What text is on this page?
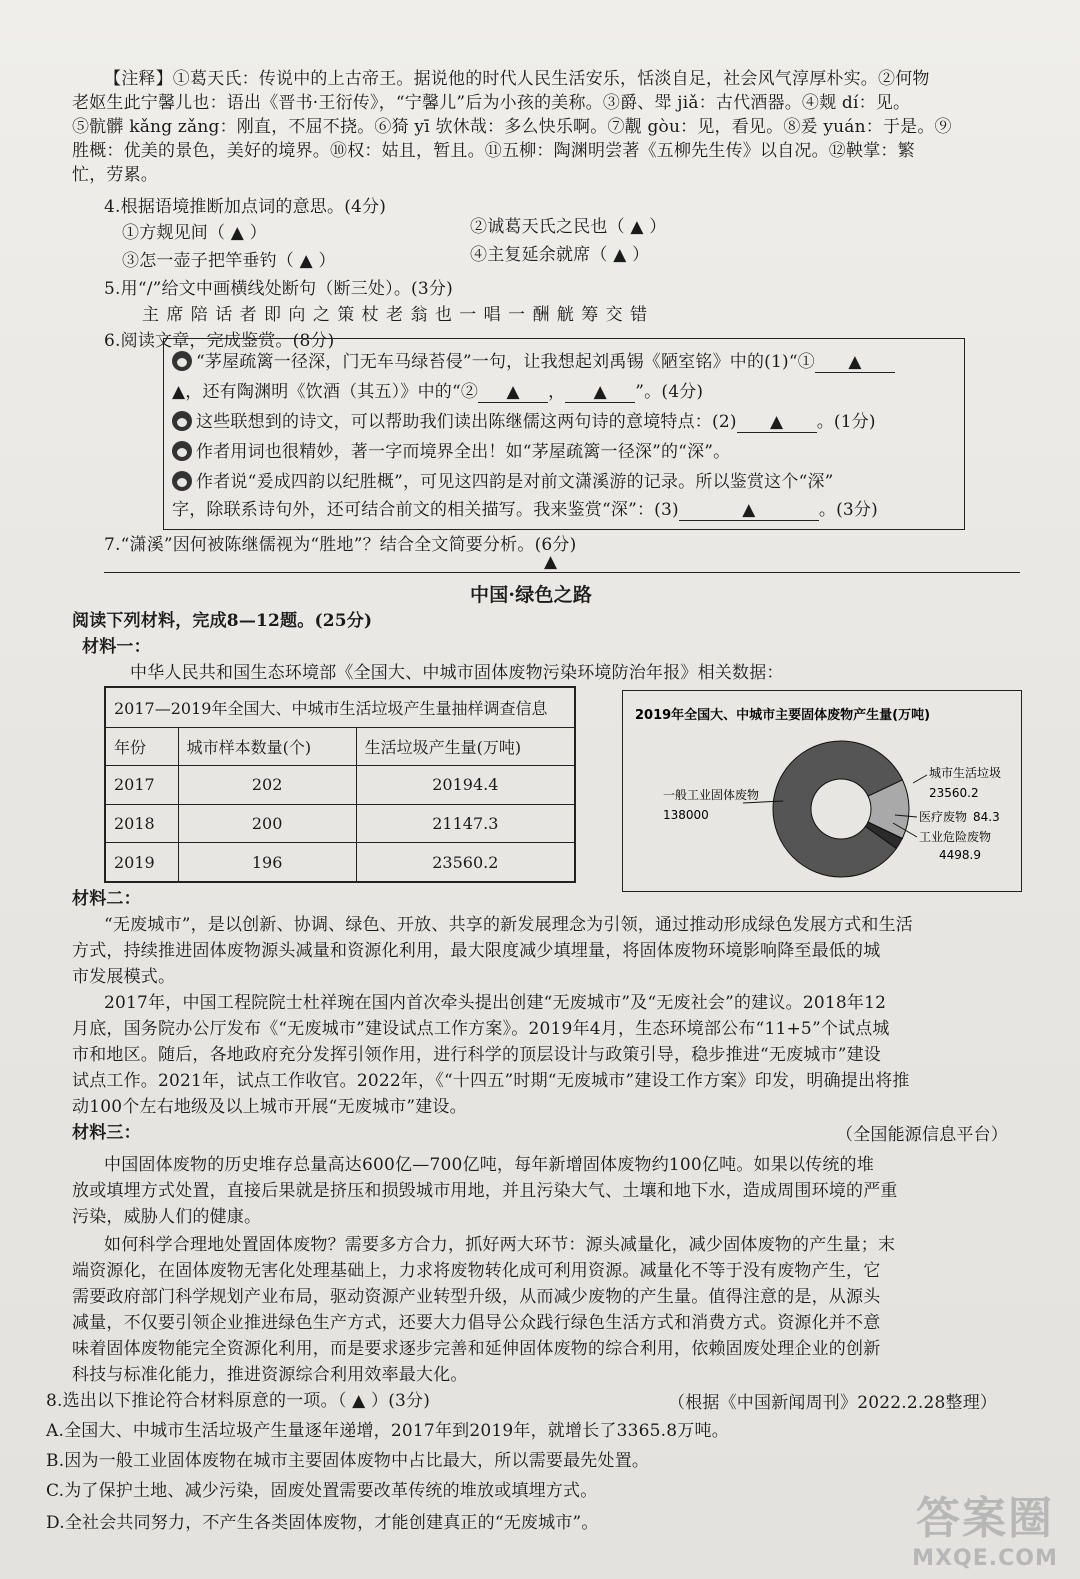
【注释】①葛天氏：传说中的上古帝王。据说他的时代人民生活安乐，恬淡自足，社会风气淳厚朴实。②何物
老妪生此宁馨儿也：语出《晋书·王衍传》，“宁馨儿”后为小孩的美称。③爵、斝 jiǎ：古代酒器。④觌 dí：见。
⑤骯髒 kǎng zǎng：刚直，不屈不挠。⑥猗 yī 欤休哉：多么快乐啊。⑦觏 gòu：见，看见。⑧爰 yuán：于是。⑨
胜概：优美的景色，美好的境界。⑩权：姑且，暂且。⑪五柳：陶渊明尝著《五柳先生传》以自况。⑫鞅掌：繁
忙，劳累。
4.根据语境推断加点词的意思。(4分)
①方觌见间（ ▲ ）	②诚葛天氏之民也（ ▲ ）
③怎一壶子把竿垂钓（ ▲ ）	④主复延余就席（ ▲ ）
5.用“/”给文中画横线处断句（断三处）。(3分)
主 席 陪 话 者 即 向 之 策 杖 老 翁 也 一 唱 一 酬 觥 筹 交 错
6.阅读文章，完成鉴赏。(8分)
“茅屋疏篱一径深，门无车马绿苔侵”一句，让我想起刘禹锡《陋室铭》中的(1)“① ▲
▲，还有陶渊明《饮酒（其五）》中的“② ▲ ， ▲ ”。(4分)
这些联想到的诗文，可以帮助我们读出陈继儒这两句诗的意境特点：(2) ▲ 。(1分)
作者用词也很精妙，著一字而境界全出！如“茅屋疏篱一径深”的“深”。
作者说“爰成四韵以纪胜概”，可见这四韵是对前文潇溪游的记录。所以鉴赏这个“深”
字，除联系诗句外，还可结合前文的相关描写。我来鉴赏“深”：(3)	▲	。(3分)
7.“潇溪”因何被陈继儒视为“胜地”？结合全文简要分析。(6分)
▲
中国·绿色之路
阅读下列材料，完成8—12题。(25分)
材料一：
中华人民共和国生态环境部《全国大、中城市固体废物污染环境防治年报》相关数据：
2017—2019年全国大、中城市生活垃圾产生量抽样调查信息		
年份	城市样本数量(个)	生活垃圾产生量(万吨)
2017	202	20194.4
2018	200	21147.3
2019	196	23560.2
2019年全国大、中城市主要固体废物产生量(万吨)
一般工业固体废物
138000
城市生活垃圾
23560.2
医疗废物 84.3
工业危险废物
4498.9
材料二：
“无废城市”，是以创新、协调、绿色、开放、共享的新发展理念为引领，通过推动形成绿色发展方式和生活
方式，持续推进固体废物源头减量和资源化利用，最大限度减少填埋量，将固体废物环境影响降至最低的城
市发展模式。
2017年，中国工程院院士杜祥琬在国内首次牵头提出创建“无废城市”及“无废社会”的建议。2018年12
月底，国务院办公厅发布《“无废城市”建设试点工作方案》。2019年4月，生态环境部公布“11+5”个试点城
市和地区。随后，各地政府充分发挥引领作用，进行科学的顶层设计与政策引导，稳步推进“无废城市”建设
试点工作。2021年，试点工作收官。2022年，《“十四五”时期“无废城市”建设工作方案》印发，明确提出将推
动100个左右地级及以上城市开展“无废城市”建设。
（全国能源信息平台）
材料三：
中国固体废物的历史堆存总量高达600亿—700亿吨，每年新增固体废物约100亿吨。如果以传统的堆
放或填埋方式处置，直接后果就是挤压和损毁城市用地，并且污染大气、土壤和地下水，造成周围环境的严重
污染，威胁人们的健康。
如何科学合理地处置固体废物？需要多方合力，抓好两大环节：源头减量化，减少固体废物的产生量；末
端资源化，在固体废物无害化处理基础上，力求将废物转化成可利用资源。减量化不等于没有废物产生，它
需要政府部门科学规划产业布局，驱动资源产业转型升级，从而减少废物的产生量。值得注意的是，从源头
减量，不仅要引领企业推进绿色生产方式，还要大力倡导公众践行绿色生活方式和消费方式。资源化并不意
味着固体废物能完全资源化利用，而是要求逐步完善和延伸固体废物的综合利用，依赖固废处理企业的创新
科技与标准化能力，推进资源综合利用效率最大化。
（根据《中国新闻周刊》2022.2.28整理）
8.选出以下推论符合材料原意的一项。（ ▲ ）(3分)
A.全国大、中城市生活垃圾产生量逐年递增，2017年到2019年，就增长了3365.8万吨。
B.因为一般工业固体废物在城市主要固体废物中占比最大，所以需要最先处置。
C.为了保护土地、减少污染，固废处置需要改革传统的堆放或填埋方式。
D.全社会共同努力，不产生各类固体废物，才能创建真正的“无废城市”。	答案圈
MXQE.COM
